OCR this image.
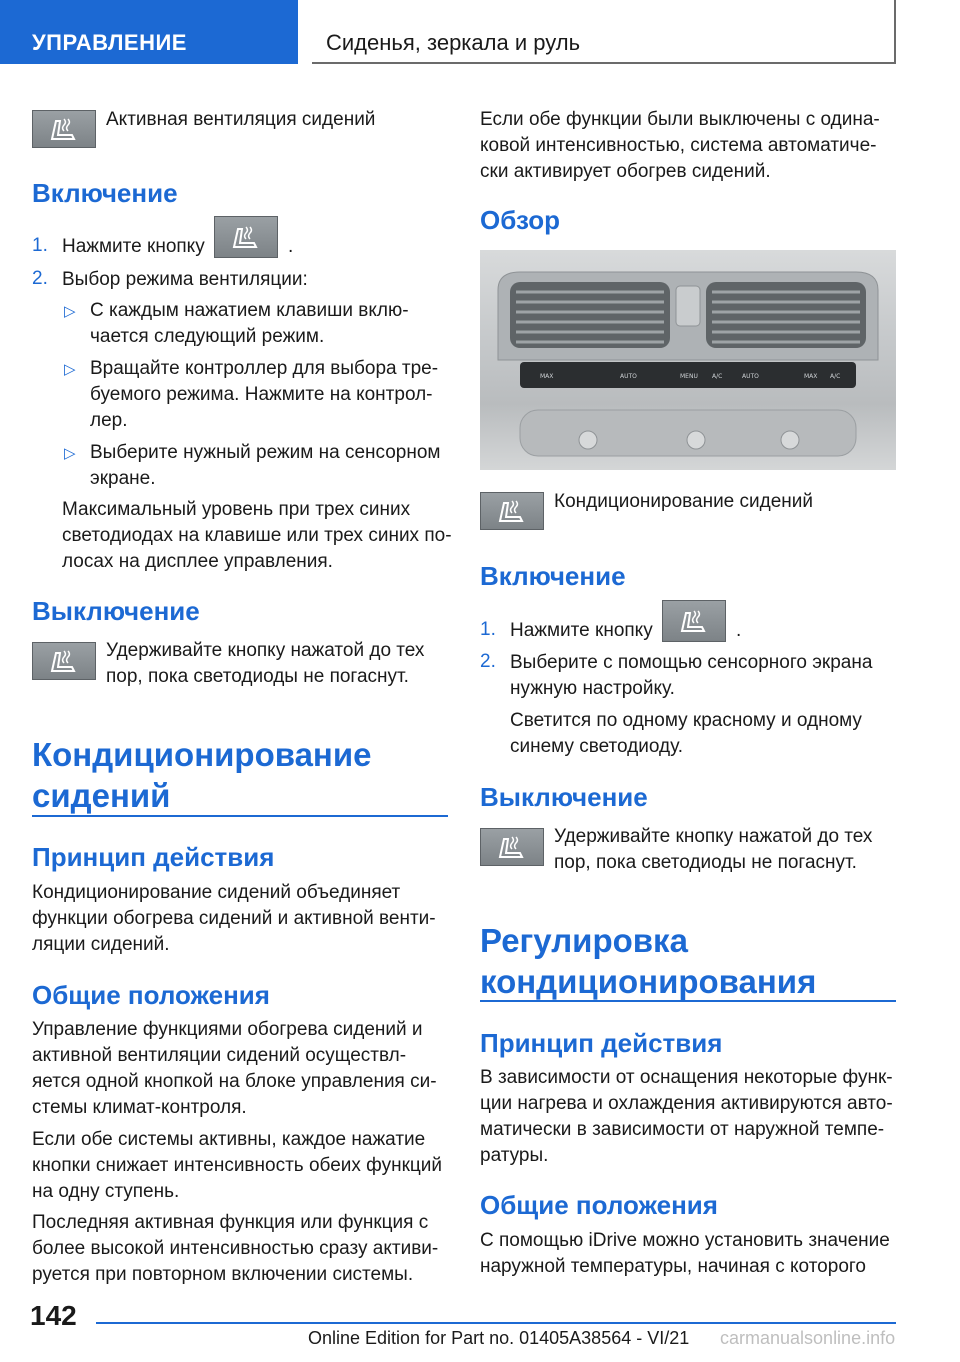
УПРАВЛЕНИЕ	Сиденья, зеркала и руль
Активная вентиляция сидений
Включение
1. Нажмите кнопку	.
2. Выбор режима вентиляции:
▷ С каждым нажатием клавиши вклю-
чается следующий режим.
▷ Вращайте контроллер для выбора тре-
буемого режима. Нажмите на контрол-
лер.
▷ Выберите нужный режим на сенсорном
экране.
Максимальный уровень при трех синих
светодиодах на клавише или трех синих по-
лосах на дисплее управления.
Выключение
Удерживайте кнопку нажатой до тех
пор, пока светодиоды не погаснут.
Кондиционирование
сидений
Принцип действия
Кондиционирование сидений объединяет
функции обогрева сидений и активной венти-
ляции сидений.
Общие положения
Управление функциями обогрева сидений и
активной вентиляции сидений осуществл-
яется одной кнопкой на блоке управления си-
стемы климат-контроля.
Если обе системы активны, каждое нажатие
кнопки снижает интенсивность обеих функций
на одну ступень.
Последняя активная функция или функция с
более высокой интенсивностью сразу активи-
руется при повторном включении системы.
Если обе функции были выключены с одина-
ковой интенсивностью, система автоматиче-
ски активирует обогрев сидений.
Обзор
MAX	AUTO	MENU A/C	AUTO	MAX A/C
Кондиционирование сидений
Включение
1. Нажмите кнопку	.
2. Выберите с помощью сенсорного экрана
нужную настройку.
Светится по одному красному и одному
синему светодиоду.
Выключение
Удерживайте кнопку нажатой до тех
пор, пока светодиоды не погаснут.
Регулировка
кондиционирования
Принцип действия
В зависимости от оснащения некоторые функ-
ции нагрева и охлаждения активируются авто-
матически в зависимости от наружной темпе-
ратуры.
Общие положения
С помощью iDrive можно установить значение
наружной температуры, начиная с которого
142
Online Edition for Part no. 01405A38564 - VI/21 carmanualsonline.info
